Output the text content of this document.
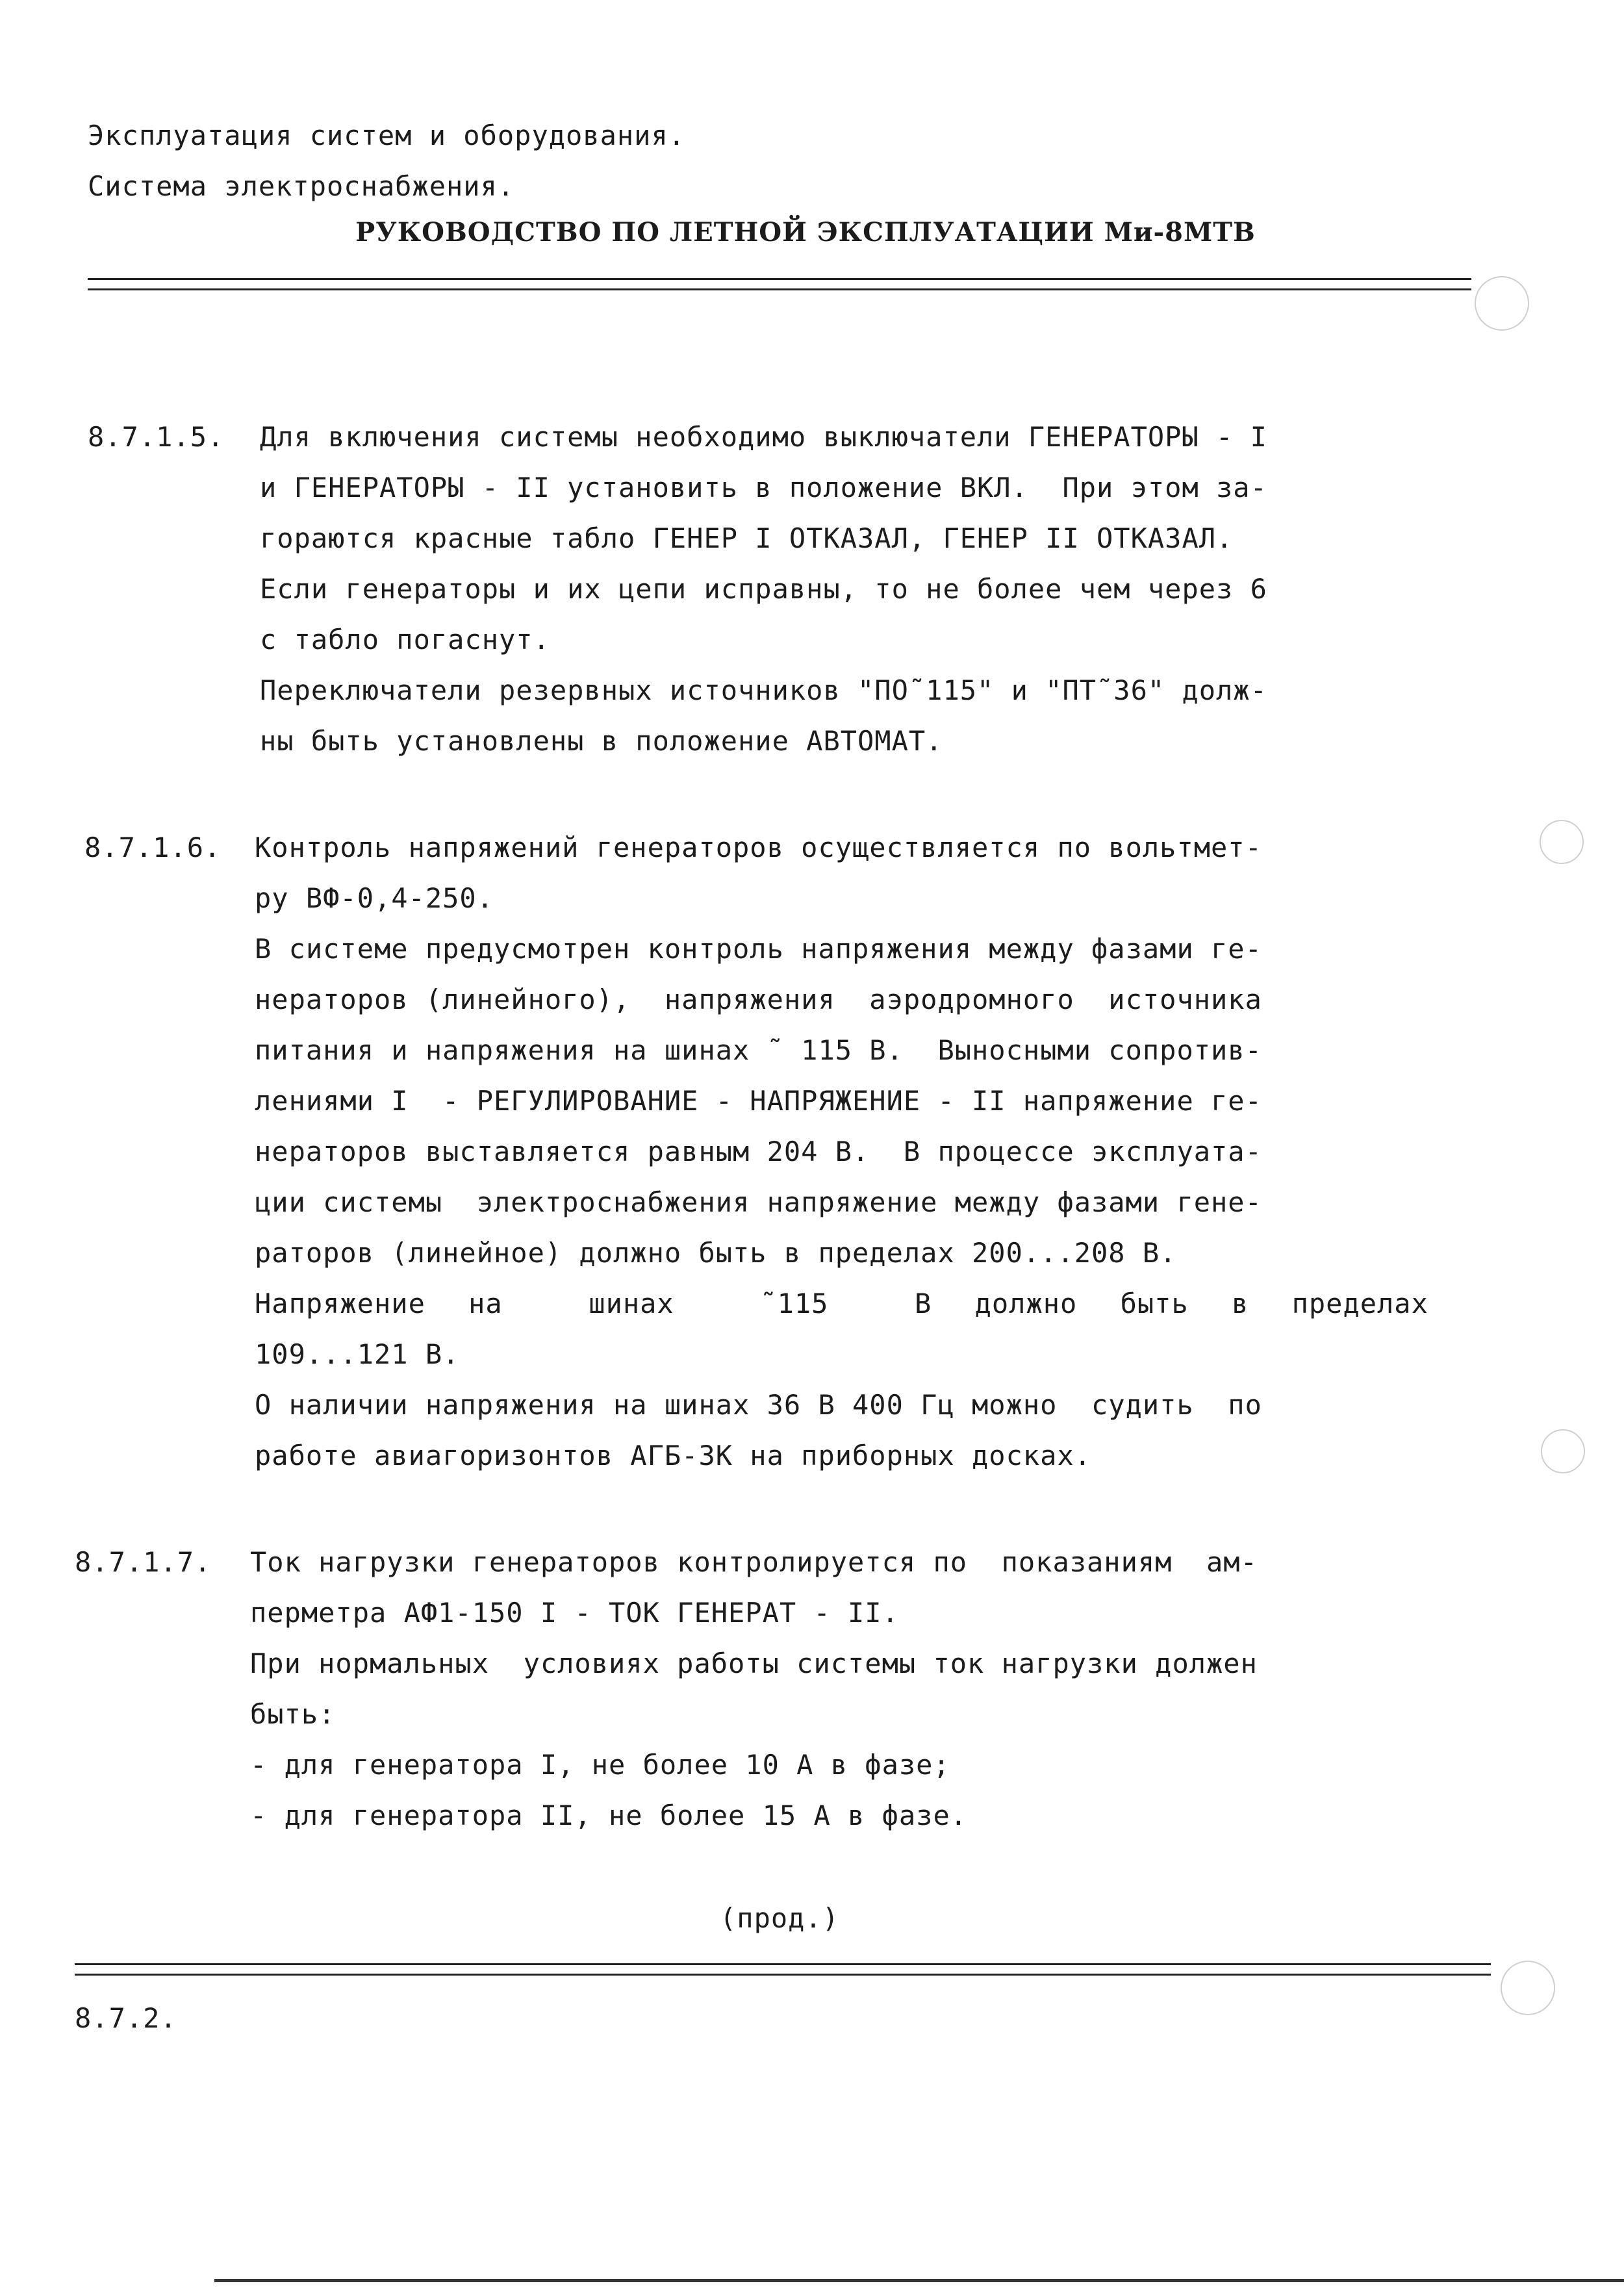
Эксплуатация систем и оборудования.
Система электроснабжения.
РУКОВОДСТВО ПО ЛЕТНОЙ ЭКСПЛУАТАЦИИ Ми-8МТВ
8.7.1.5. Для включения системы необходимо выключатели ГЕНЕРАТОРЫ - I
и ГЕНЕРАТОРЫ - II установить в положение ВКЛ.  При этом за-
гораются красные табло ГЕНЕР I ОТКАЗАЛ, ГЕНЕР II ОТКАЗАЛ.
Если генераторы и их цепи исправны, то не более чем через 6
с табло погаснут.
Переключатели резервных источников "ПО˜115" и "ПТ˜36" долж-
ны быть установлены в положение АВТОМАТ.
8.7.1.6. Контроль напряжений генераторов осуществляется по вольтмет-
ру ВФ-0,4-250.
В системе предусмотрен контроль напряжения между фазами ге-
нераторов (линейного),  напряжения  аэродромного  источника
питания и напряжения на шинах ˜ 115 В.  Выносными сопротив-
лениями I  - РЕГУЛИРОВАНИЕ - НАПРЯЖЕНИЕ - II напряжение ге-
нераторов выставляется равным 204 В.  В процессе эксплуата-
ции системы  электроснабжения напряжение между фазами гене-
раторов (линейное) должно быть в пределах 200...208 В.
Напряжение на  шинах  ˜115  В должно быть в пределах
109...121 В.
О наличии напряжения на шинах 36 В 400 Гц можно  судить  по
работе авиагоризонтов АГБ-3К на приборных досках.
8.7.1.7. Ток нагрузки генераторов контролируется по  показаниям  ам-
перметра АФ1-150 I - ТОК ГЕНЕРАТ - II.
При нормальных  условиях работы системы ток нагрузки должен
быть:
- для генератора I, не более 10 А в фазе;
- для генератора II, не более 15 А в фазе.
(прод.)
8.7.2.
